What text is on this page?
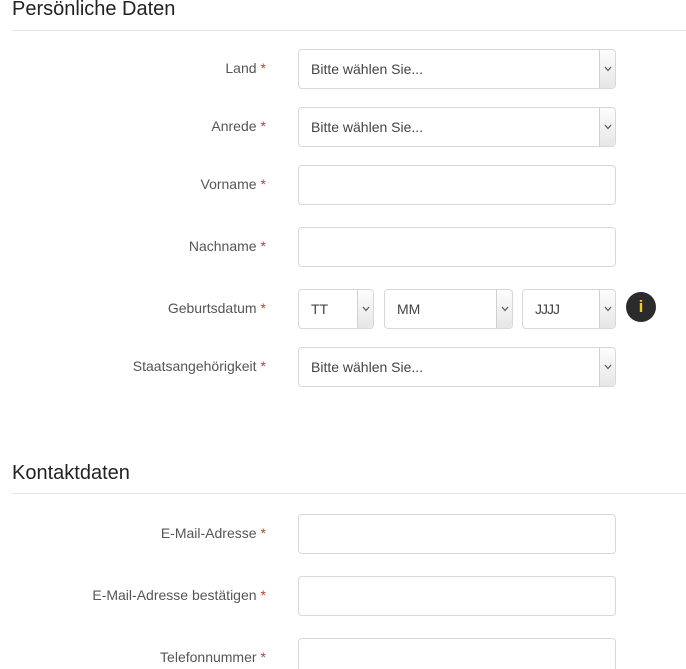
Persönliche Daten
Land *	Bitte wählen Sie...
Anrede *	Bitte wählen Sie...
Vorname *
Nachname *
Geburtsdatum *	TT	MM	JJJJ	i
Staatsangehörigkeit *	Bitte wählen Sie...
Kontaktdaten
E-Mail-Adresse *
E-Mail-Adresse bestätigen *
Telefonnummer *
